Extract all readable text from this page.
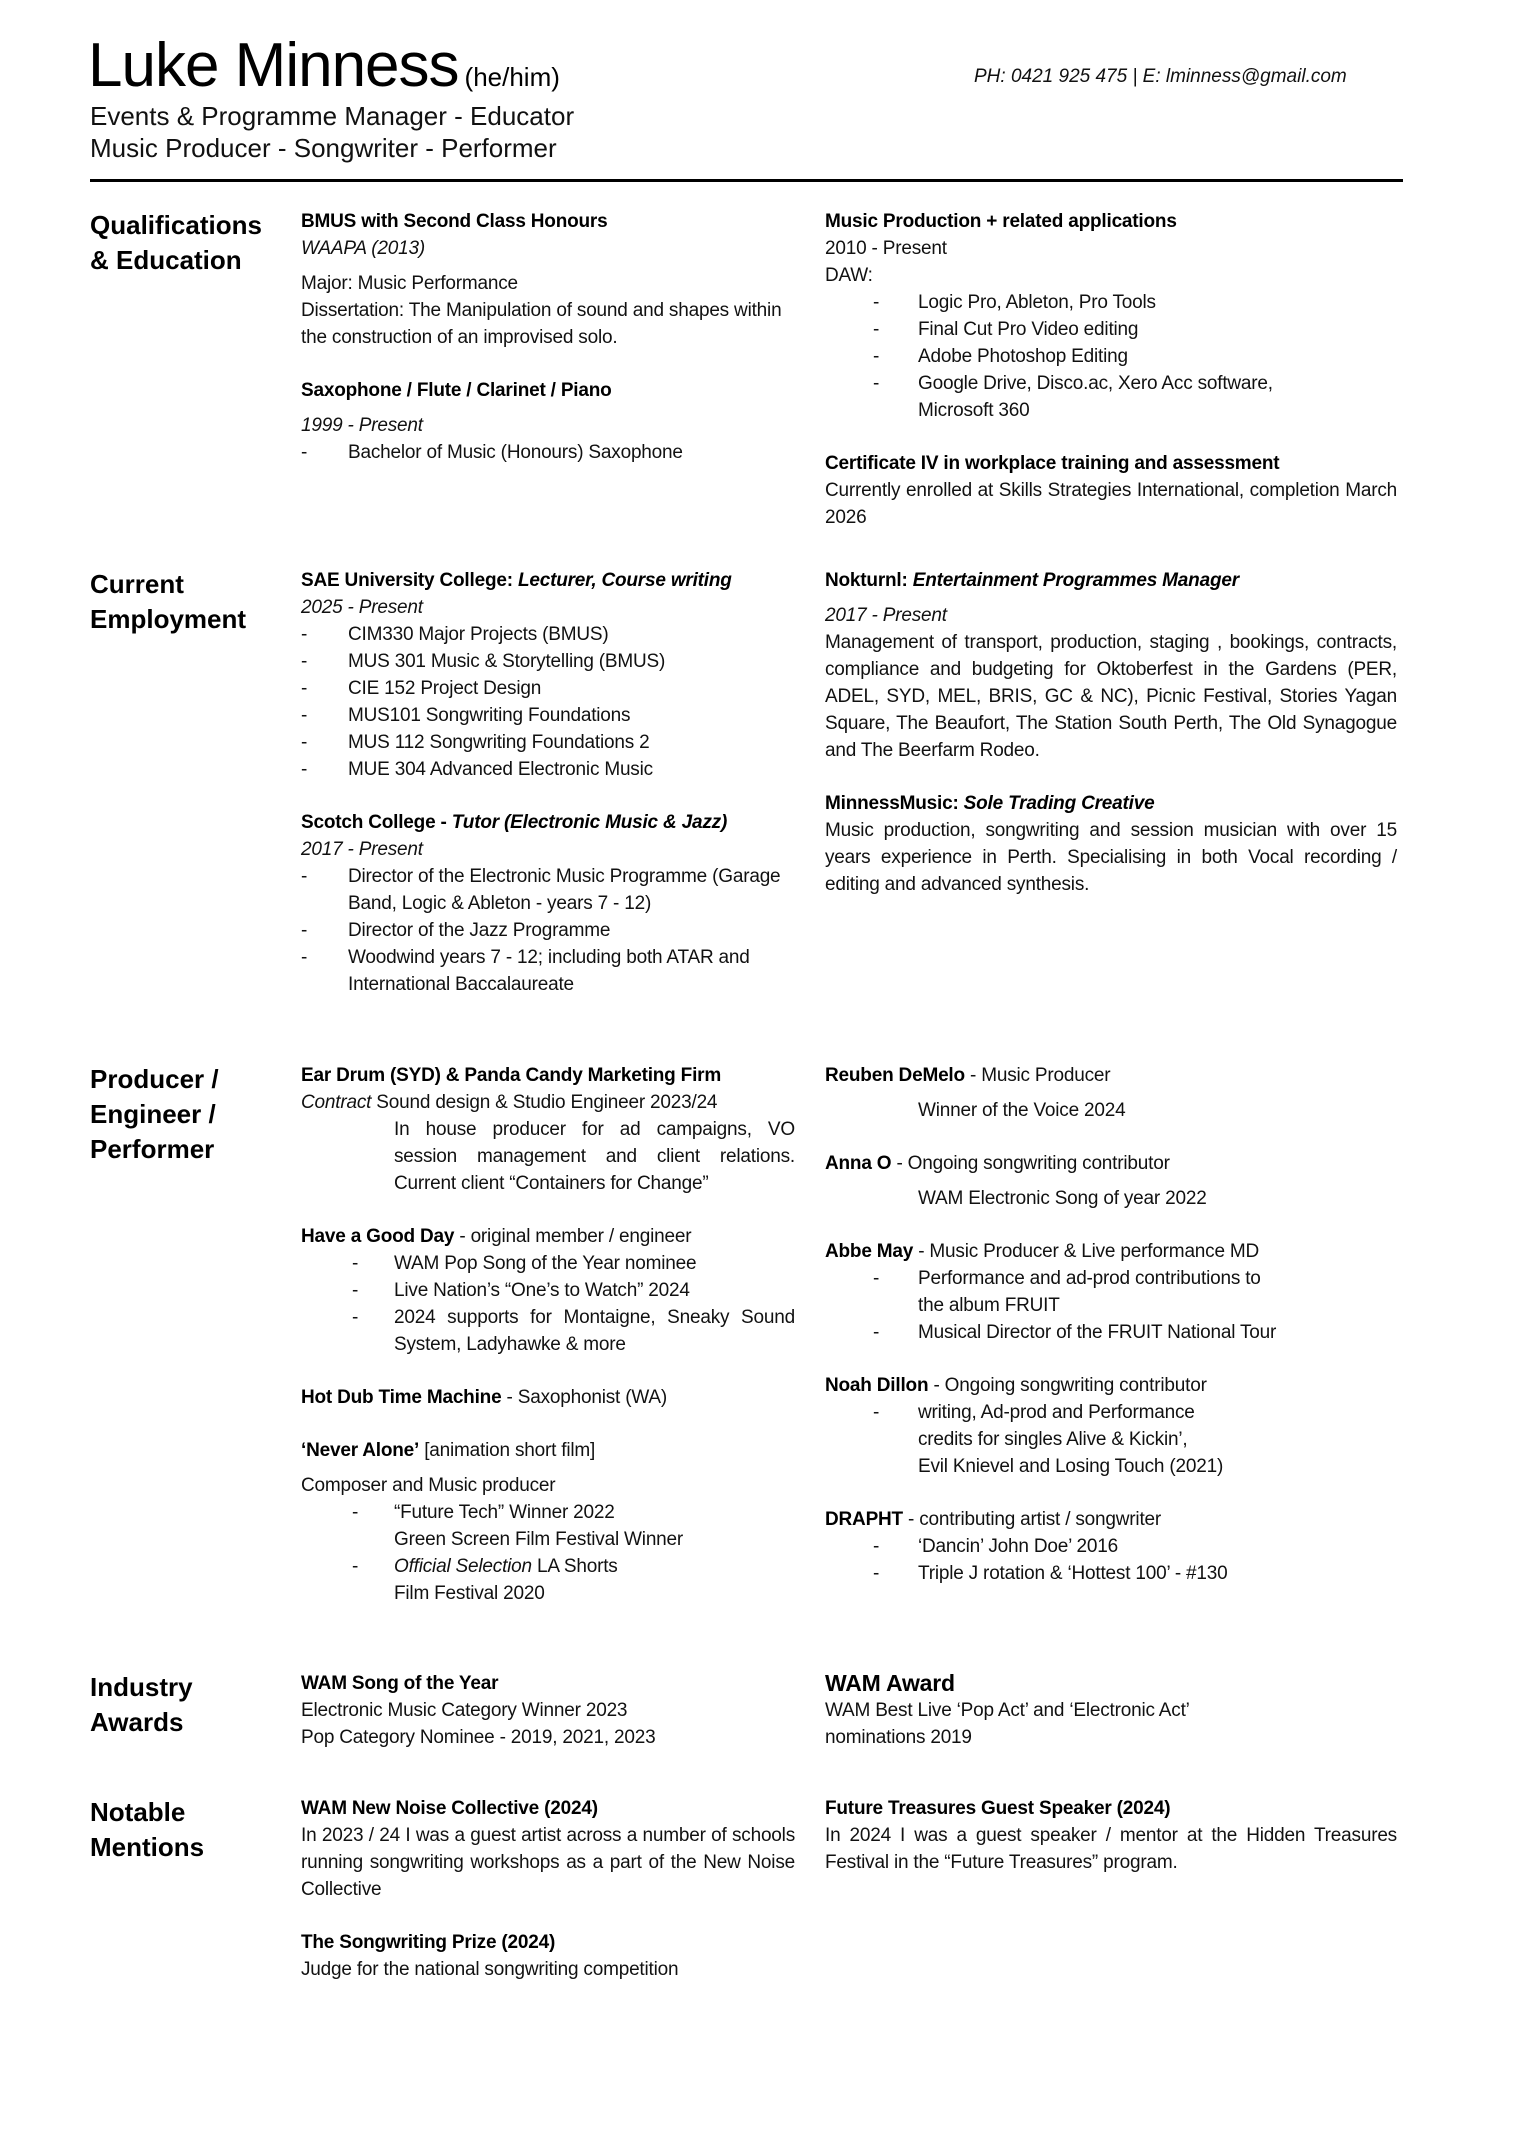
Luke Minness (he/him)
Events & Programme Manager - Educator
Music Producer - Songwriter - Performer
PH: 0421 925 475 | E: lminness@gmail.com
Qualifications
& Education
BMUS with Second Class Honours
WAAPA (2013)
Major: Music Performance
Dissertation: The Manipulation of sound and shapes within the construction of an improvised solo.
Saxophone / Flute / Clarinet / Piano
1999 - Present
- Bachelor of Music (Honours) Saxophone
Music Production + related applications
2010 - Present
DAW:
- Logic Pro, Ableton, Pro Tools
- Final Cut Pro Video editing
- Adobe Photoshop Editing
- Google Drive, Disco.ac, Xero Acc software,
Microsoft 360
Certificate IV in workplace training and assessment
Currently enrolled at Skills Strategies International, completion March 2026
Current
Employment
SAE University College: Lecturer, Course writing
2025 - Present
- CIM330 Major Projects (BMUS)
- MUS 301 Music & Storytelling (BMUS)
- CIE 152 Project Design
- MUS101 Songwriting Foundations
- MUS 112 Songwriting Foundations 2
- MUE 304 Advanced Electronic Music
Scotch College - Tutor (Electronic Music & Jazz)
2017 - Present
- Director of the Electronic Music Programme (Garage Band, Logic & Ableton - years 7 - 12)
- Director of the Jazz Programme
- Woodwind years 7 - 12; including both ATAR and International Baccalaureate
Nokturnl: Entertainment Programmes Manager
2017 - Present
Management of transport, production, staging , bookings, contracts, compliance and budgeting for Oktoberfest in the Gardens (PER, ADEL, SYD, MEL, BRIS, GC & NC), Picnic Festival, Stories Yagan Square, The Beaufort, The Station South Perth, The Old Synagogue and The Beerfarm Rodeo.
MinnessMusic: Sole Trading Creative
Music production, songwriting and session musician with over 15 years experience in Perth. Specialising in both Vocal recording / editing and advanced synthesis.
Producer /
Engineer /
Performer
Ear Drum (SYD) & Panda Candy Marketing Firm
Contract Sound design & Studio Engineer 2023/24
In house producer for ad campaigns, VO session management and client relations. Current client “Containers for Change”
Have a Good Day - original member / engineer
- WAM Pop Song of the Year nominee
- Live Nation’s “One’s to Watch” 2024
- 2024 supports for Montaigne, Sneaky Sound System, Ladyhawke & more
Hot Dub Time Machine - Saxophonist (WA)
‘Never Alone’ [animation short film]
Composer and Music producer
- “Future Tech” Winner 2022
Green Screen Film Festival Winner
- Official Selection LA Shorts
Film Festival 2020
Reuben DeMelo - Music Producer
Winner of the Voice 2024
Anna O - Ongoing songwriting contributor
WAM Electronic Song of year 2022
Abbe May - Music Producer & Live performance MD
- Performance and ad-prod contributions to
the album FRUIT
- Musical Director of the FRUIT National Tour
Noah Dillon - Ongoing songwriting contributor
- writing, Ad-prod and Performance
credits for singles Alive & Kickin’,
Evil Knievel and Losing Touch (2021)
DRAPHT - contributing artist / songwriter
- ‘Dancin’ John Doe’ 2016
- Triple J rotation & ‘Hottest 100’ - #130
Industry
Awards
WAM Song of the Year
Electronic Music Category Winner 2023
Pop Category Nominee - 2019, 2021, 2023
WAM Award
WAM Best Live ‘Pop Act’ and ‘Electronic Act’
nominations 2019
Notable
Mentions
WAM New Noise Collective (2024)
In 2023 / 24 I was a guest artist across a number of schools running songwriting workshops as a part of the New Noise Collective
The Songwriting Prize (2024)
Judge for the national songwriting competition
Future Treasures Guest Speaker (2024)
In 2024 I was a guest speaker / mentor at the Hidden Treasures Festival in the “Future Treasures” program.
